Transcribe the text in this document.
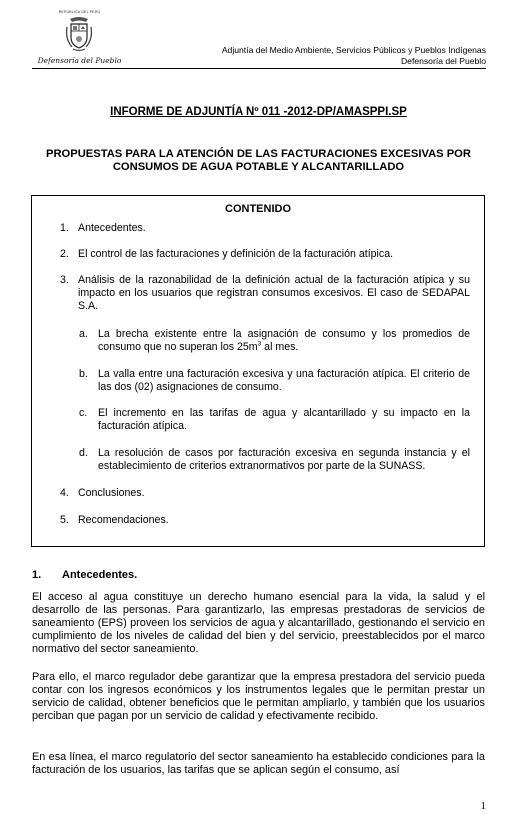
REPÚBLICA DEL PERÚ
Defensoría del Pueblo
Adjuntía del Medio Ambiente, Servicios Públicos y Pueblos Indígenas
Defensoría del Pueblo
INFORME DE ADJUNTÍA Nº 011 -2012-DP/AMASPPI.SP
PROPUESTAS PARA LA ATENCIÓN DE LAS FACTURACIONES EXCESIVAS POR CONSUMOS DE AGUA POTABLE Y ALCANTARILLADO
CONTENIDO
1. Antecedentes.
2. El control de las facturaciones y definición de la facturación atípica.
3. Análisis de la razonabilidad de la definición actual de la facturación atípica y su impacto en los usuarios que registran consumos excesivos. El caso de SEDAPAL S.A.
a. La brecha existente entre la asignación de consumo y los promedios de consumo que no superan los $25m^3$ al mes.
b. La valla entre una facturación excesiva y una facturación atípica. El criterio de las dos (02) asignaciones de consumo.
c. El incremento en las tarifas de agua y alcantarillado y su impacto en la facturación atípica.
d. La resolución de casos por facturación excesiva en segunda instancia y el establecimiento de criterios extranormativos por parte de la SUNASS.
4. Conclusiones.
5. Recomendaciones.
1. Antecedentes.
El acceso al agua constituye un derecho humano esencial para la vida, la salud y el desarrollo de las personas. Para garantizarlo, las empresas prestadoras de servicios de saneamiento (EPS) proveen los servicios de agua y alcantarillado, gestionando el servicio en cumplimiento de los niveles de calidad del bien y del servicio, preestablecidos por el marco normativo del sector saneamiento.
Para ello, el marco regulador debe garantizar que la empresa prestadora del servicio pueda contar con los ingresos económicos y los instrumentos legales que le permitan prestar un servicio de calidad, obtener beneficios que le permitan ampliarlo, y también que los usuarios perciban que pagan por un servicio de calidad y efectivamente recibido.
En esa línea, el marco regulatorio del sector saneamiento ha establecido condiciones para la facturación de los usuarios, las tarifas que se aplican según el consumo, así
1
